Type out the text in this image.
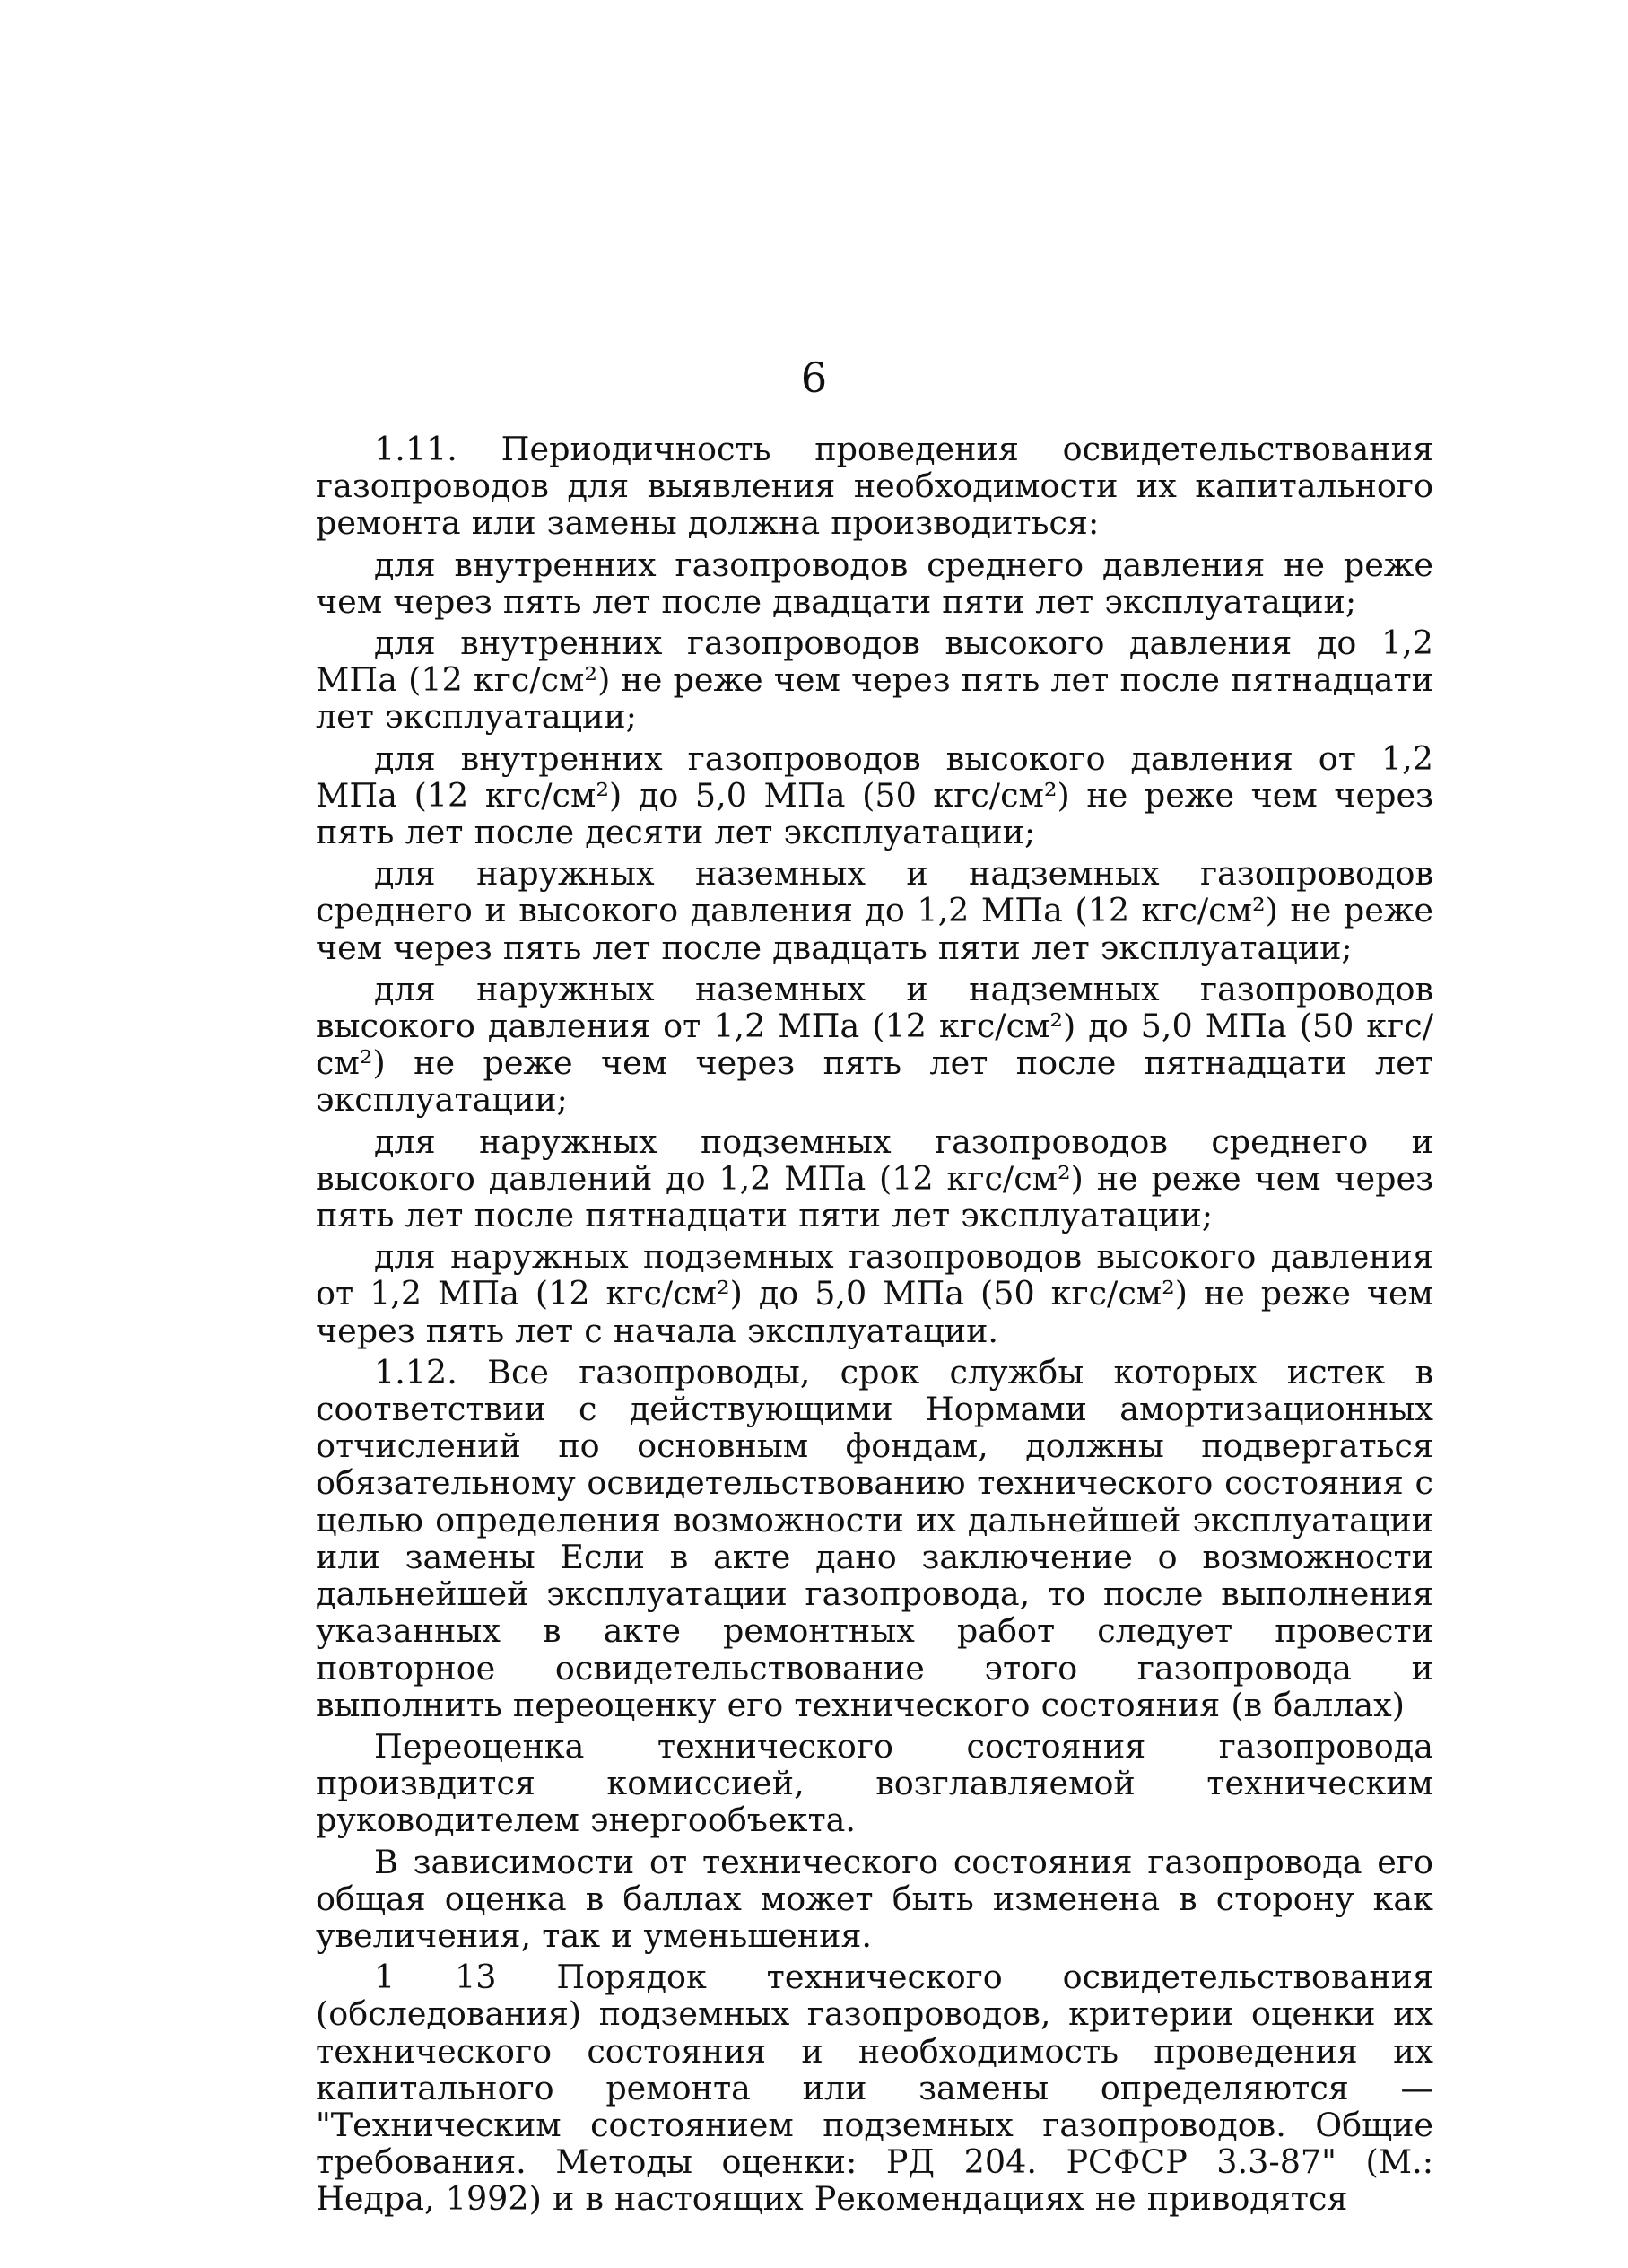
6

1.11. Периодичность проведения освидетельствования газопроводов для выявления необходимости их капитального ремонта или замены должна производиться:

для внутренних газопроводов среднего давления не реже чем через пять лет после двадцати пяти лет эксплуатации;

для внутренних газопроводов высокого давления до 1,2 МПа (12 кгс/см²) не реже чем через пять лет после пятнадцати лет эксплуатации;

для внутренних газопроводов высокого давления от 1,2 МПа (12 кгс/см²) до 5,0 МПа (50 кгс/см²) не реже чем через пять лет после десяти лет эксплуатации;

для наружных наземных и надземных газопроводов среднего и высокого давления до 1,2 МПа (12 кгс/см²) не реже чем через пять лет после двадцать пяти лет эксплуатации;

для наружных наземных и надземных газопроводов высокого давления от 1,2 МПа (12 кгс/см²) до 5,0 МПа (50 кгс/см²) не реже чем через пять лет после пятнадцати лет эксплуатации;

для наружных подземных газопроводов среднего и высокого давлений до 1,2 МПа (12 кгс/см²) не реже чем через пять лет после пятнадцати пяти лет эксплуатации;

для наружных подземных газопроводов высокого давления от 1,2 МПа (12 кгс/см²) до 5,0 МПа (50 кгс/см²) не реже чем через пять лет с начала эксплуатации.

1.12. Все газопроводы, срок службы которых истек в соответствии с действующими Нормами амортизационных отчислений по основным фондам, должны подвергаться обязательному освидетельствованию технического состояния с целью определения возможности их дальнейшей эксплуатации или замены Если в акте дано заключение о возможности дальнейшей эксплуатации газопровода, то после выполнения указанных в акте ремонтных работ следует провести повторное освидетельствование этого газопровода и выполнить переоценку его технического состояния (в баллах)

Переоценка технического состояния газопровода произвдится комиссией, возглавляемой техническим руководителем энергообъекта.

В зависимости от технического состояния газопровода его общая оценка в баллах может быть изменена в сторону как увеличения, так и уменьшения.

1 13 Порядок технического освидетельствования (обследования) подземных газопроводов, критерии оценки их технического состояния и необходимость проведения их капитального ремонта или замены определяются — "Техническим состоянием подземных газопроводов. Общие требования. Методы оценки: РД 204. РСФСР 3.3-87" (М.: Недра, 1992) и в настоящих Рекомендациях не приводятся
